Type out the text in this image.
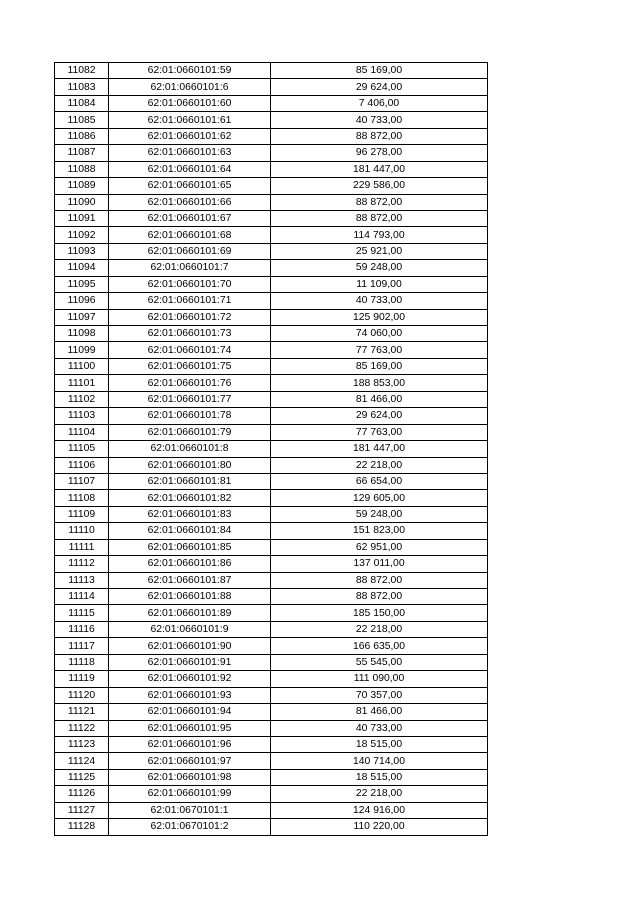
11082	62:01:0660101:59	85 169,00
11083	62:01:0660101:6	29 624,00
11084	62:01:0660101:60	7 406,00
11085	62:01:0660101:61	40 733,00
11086	62:01:0660101:62	88 872,00
11087	62:01:0660101:63	96 278,00
11088	62:01:0660101:64	181 447,00
11089	62:01:0660101:65	229 586,00
11090	62:01:0660101:66	88 872,00
11091	62:01:0660101:67	88 872,00
11092	62:01:0660101:68	114 793,00
11093	62:01:0660101:69	25 921,00
11094	62:01:0660101:7	59 248,00
11095	62:01:0660101:70	11 109,00
11096	62:01:0660101:71	40 733,00
11097	62:01:0660101:72	125 902,00
11098	62:01:0660101:73	74 060,00
11099	62:01:0660101:74	77 763,00
11100	62:01:0660101:75	85 169,00
11101	62:01:0660101:76	188 853,00
11102	62:01:0660101:77	81 466,00
11103	62:01:0660101:78	29 624,00
11104	62:01:0660101:79	77 763,00
11105	62:01:0660101:8	181 447,00
11106	62:01:0660101:80	22 218,00
11107	62:01:0660101:81	66 654,00
11108	62:01:0660101:82	129 605,00
11109	62:01:0660101:83	59 248,00
11110	62:01:0660101:84	151 823,00
11111	62:01:0660101:85	62 951,00
11112	62:01:0660101:86	137 011,00
11113	62:01:0660101:87	88 872,00
11114	62:01:0660101:88	88 872,00
11115	62:01:0660101:89	185 150,00
11116	62:01:0660101:9	22 218,00
11117	62:01:0660101:90	166 635,00
11118	62:01:0660101:91	55 545,00
11119	62:01:0660101:92	111 090,00
11120	62:01:0660101:93	70 357,00
11121	62:01:0660101:94	81 466,00
11122	62:01:0660101:95	40 733,00
11123	62:01:0660101:96	18 515,00
11124	62:01:0660101:97	140 714,00
11125	62:01:0660101:98	18 515,00
11126	62:01:0660101:99	22 218,00
11127	62:01:0670101:1	124 916,00
11128	62:01:0670101:2	110 220,00
